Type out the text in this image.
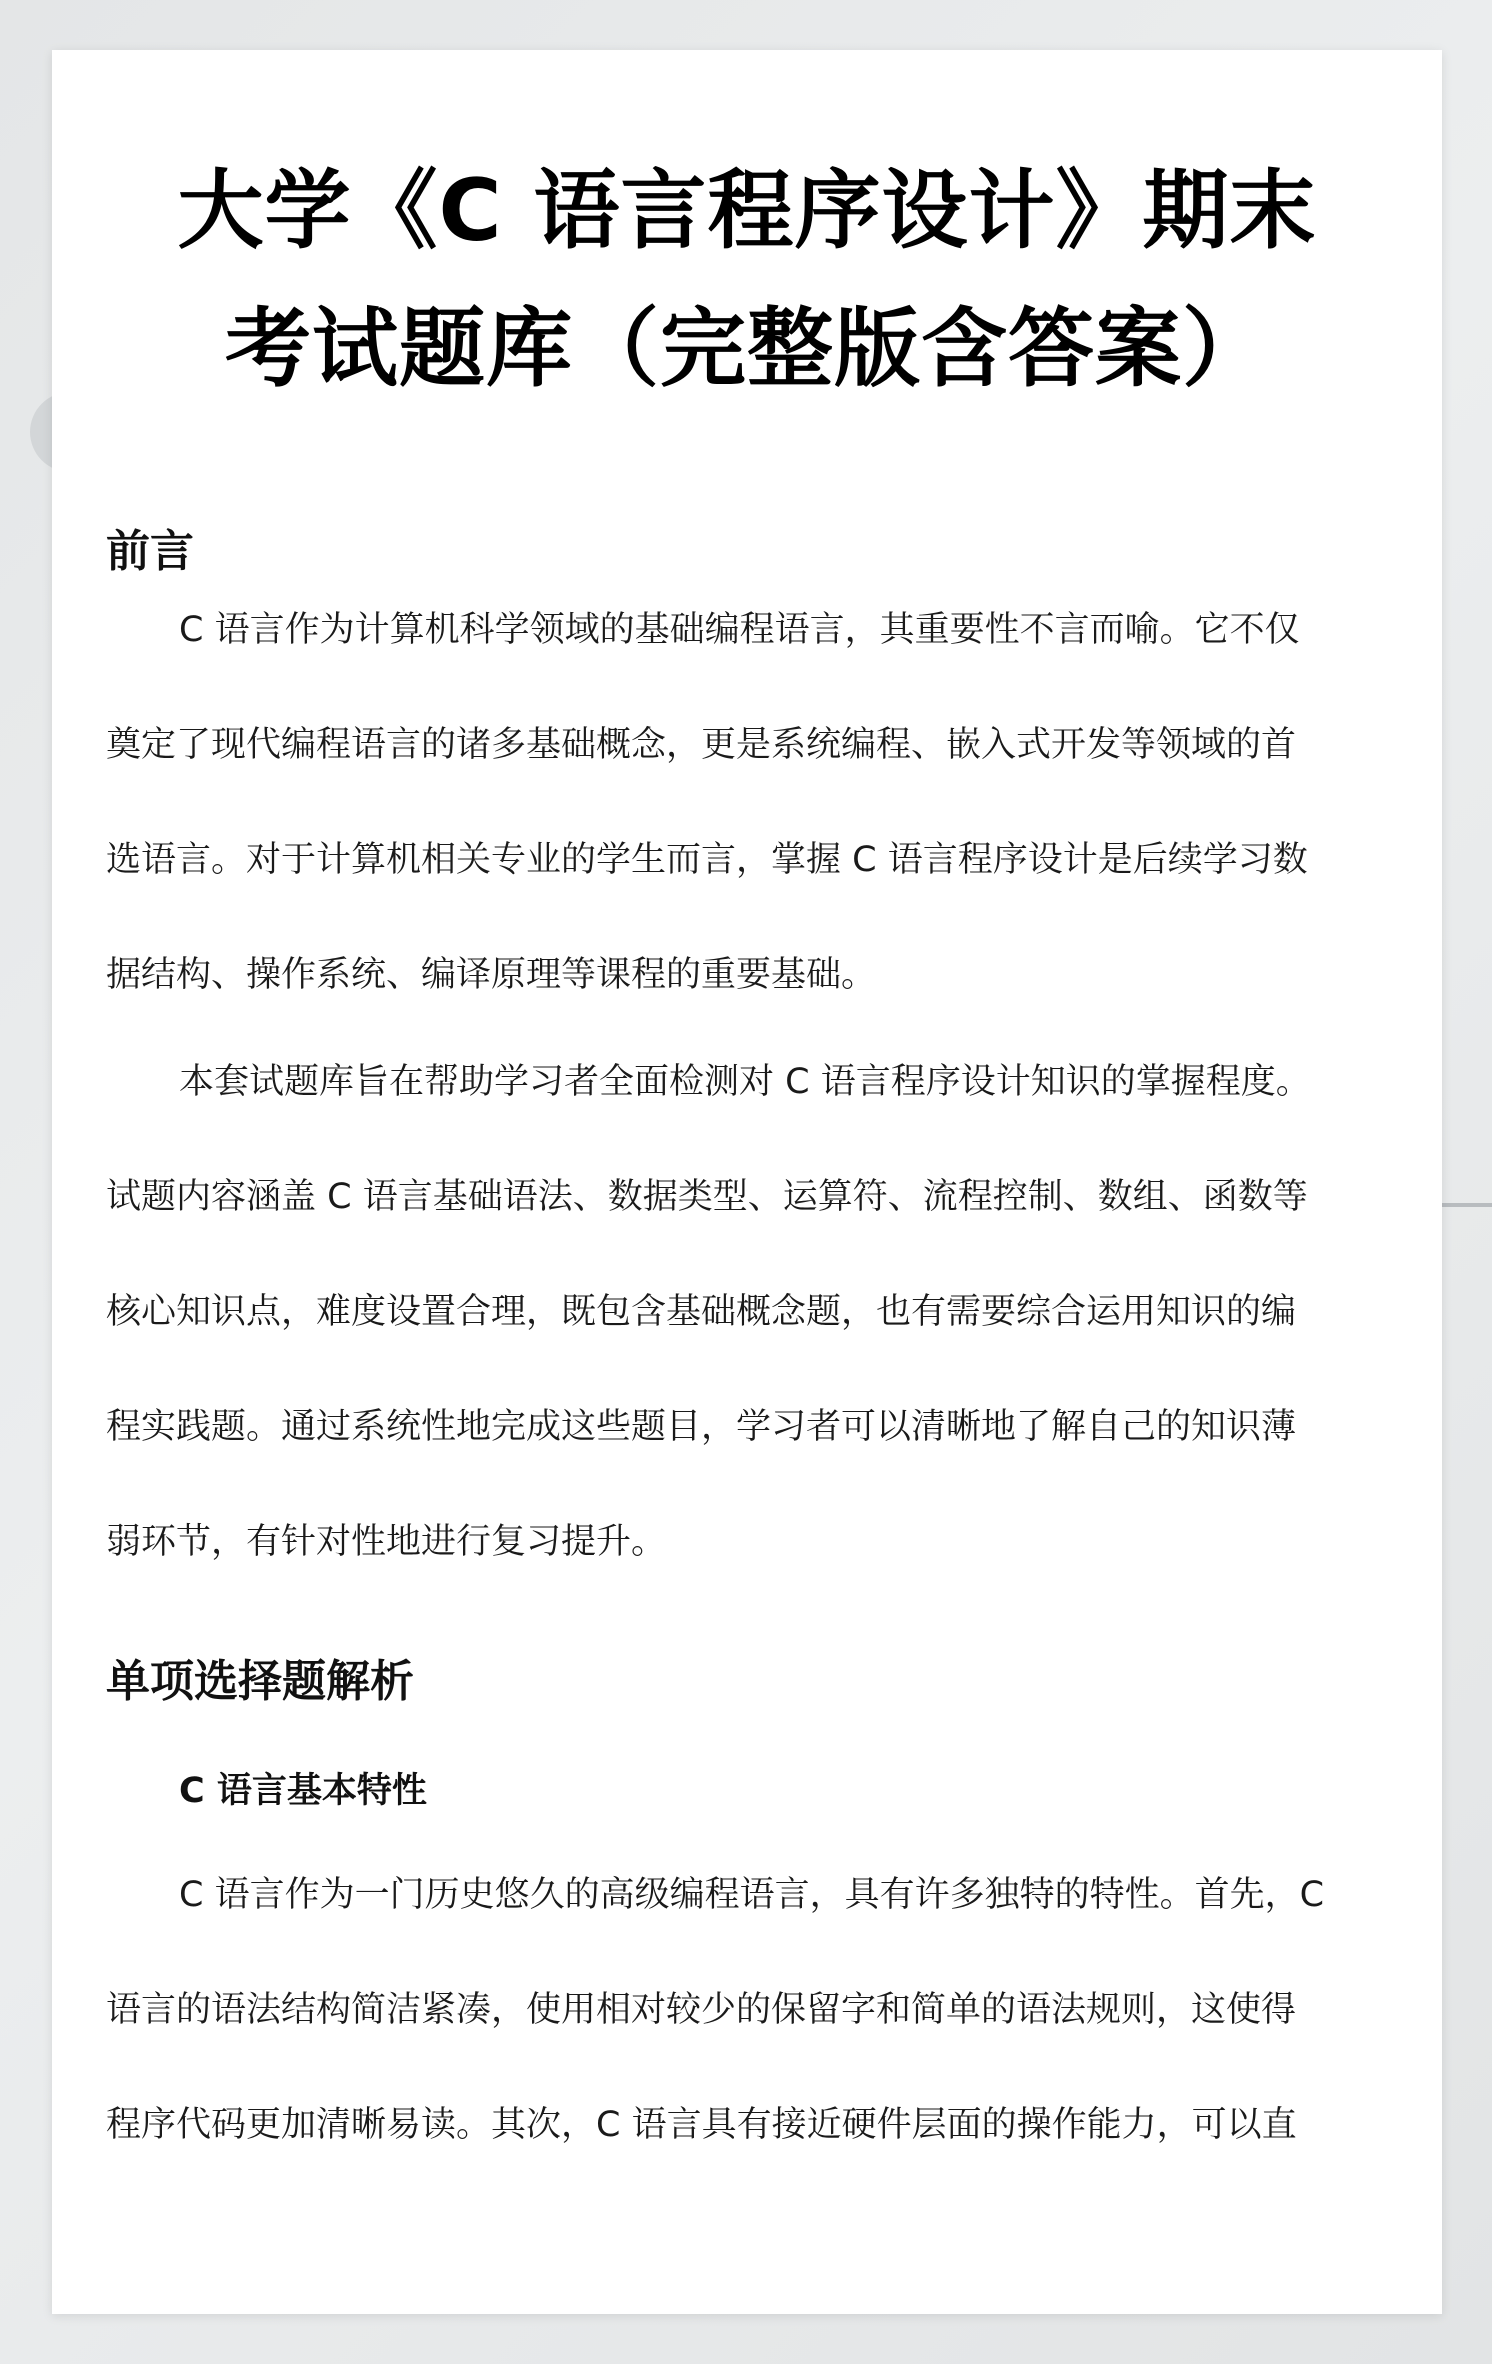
大学《C 语言程序设计》期末
考试题库（完整版含答案）
前言

C 语言作为计算机科学领域的基础编程语言，其重要性不言而喻。它不仅
奠定了现代编程语言的诸多基础概念，更是系统编程、嵌入式开发等领域的首
选语言。对于计算机相关专业的学生而言，掌握 C 语言程序设计是后续学习数
据结构、操作系统、编译原理等课程的重要基础。

本套试题库旨在帮助学习者全面检测对 C 语言程序设计知识的掌握程度。
试题内容涵盖 C 语言基础语法、数据类型、运算符、流程控制、数组、函数等
核心知识点，难度设置合理，既包含基础概念题，也有需要综合运用知识的编
程实践题。通过系统性地完成这些题目，学习者可以清晰地了解自己的知识薄
弱环节，有针对性地进行复习提升。

单项选择题解析
C 语言基本特性

C 语言作为一门历史悠久的高级编程语言，具有许多独特的特性。首先，C
语言的语法结构简洁紧凑，使用相对较少的保留字和简单的语法规则，这使得
程序代码更加清晰易读。其次，C 语言具有接近硬件层面的操作能力，可以直
